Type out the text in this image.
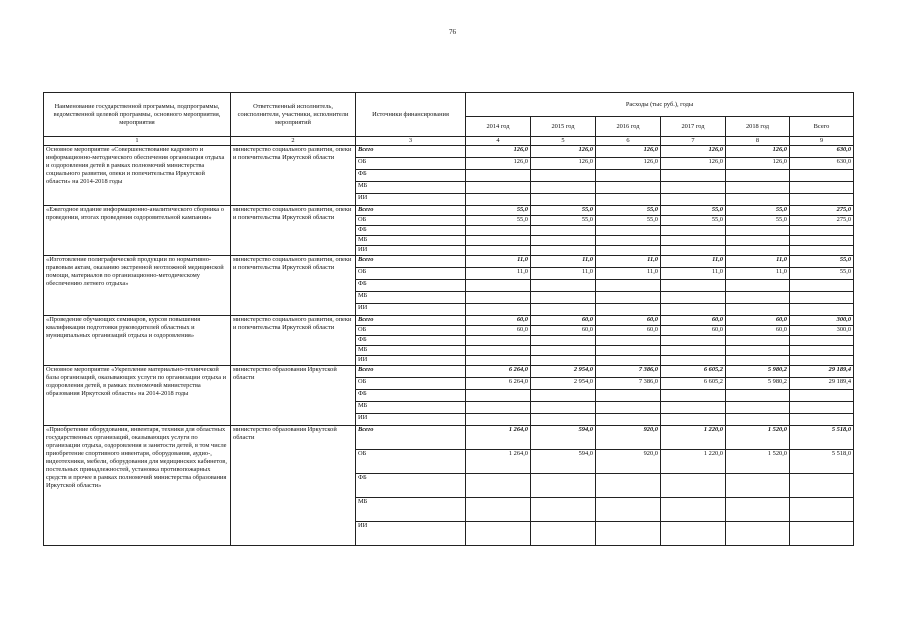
76
Наименование государственной программы, подпрограммы, ведомственной целевой программы, основного мероприятия, мероприятия	Ответственный исполнитель, соисполнители, участники, исполнители мероприятий	Источники финансирования	Расходы (тыс руб.), годы					
			2014 год	2015 год	2016 год	2017 год	2018 год	Всего
1	2	3	4	5	6	7	8	9
Основное мероприятие «Совершенствование кадрового и информационно-методического обеспечения организация отдыха и оздоровления детей в рамках полномочий министерства социального развития, опеки и попечительства Иркутской области» на 2014-2018 годы	министерство социального развития, опеки и попечительства Иркутской области	Всего	126,0	126,0	126,0	126,0	126,0	630,0
		ОБ	126,0	126,0	126,0	126,0	126,0	630,0
		ФБ						
		МБ						
		ИИ						
«Ежегодное издание информационно-аналитического сборника о проведении, итогах проведения оздоровительной кампании»	министерство социального развития, опеки и попечительства Иркутской области	Всего	55,0	55,0	55,0	55,0	55,0	275,0
		ОБ	55,0	55,0	55,0	55,0	55,0	275,0
		ФБ						
		МБ						
		ИИ						
«Изготовление полиграфической продукции по нормативно-правовым актам, оказанию экстренной неотложной медицинской помощи, материалов по организационно-методическому обеспечению летнего отдыха»	министерство социального развития, опеки и попечительства Иркутской области	Всего	11,0	11,0	11,0	11,0	11,0	55,0
		ОБ	11,0	11,0	11,0	11,0	11,0	55,0
		ФБ						
		МБ						
		ИИ						
«Проведение обучающих семинаров, курсов повышения квалификации подготовки руководителей областных и муниципальных организаций отдыха и оздоровления»	министерство социального развития, опеки и попечительства Иркутской области	Всего	60,0	60,0	60,0	60,0	60,0	300,0
		ОБ	60,0	60,0	60,0	60,0	60,0	300,0
		ФБ						
		МБ						
		ИИ						
Основное мероприятие «Укрепление материально-технической базы организаций, оказывающих услуги по организации отдыха и оздоровления детей, в рамках полномочий министерства образования Иркутской области» на 2014-2018 годы	министерство образования Иркутской области	Всего	6 264,0	2 954,0	7 386,0	6 605,2	5 980,2	29 189,4
		ОБ	6 264,0	2 954,0	7 386,0	6 605,2	5 980,2	29 189,4
		ФБ						
		МБ						
		ИИ						
«Приобретение оборудования, инвентаря, техники для областных государственных организаций, оказывающих услуги по организации отдыха, оздоровления и занятости детей, в том числе приобретение спортивного инвентаря, оборудования, аудио-, видеотехники, мебели, оборудования для медицинских кабинетов, постельных принадлежностей, установка противопожарных средств и прочее в рамках полномочий министерства образования Иркутской области»	министерство образования Иркутской области	Всего	1 264,0	594,0	920,0	1 220,0	1 520,0	5 518,0
		ОБ	1 264,0	594,0	920,0	1 220,0	1 520,0	5 518,0
		ФБ						
		МБ						
		ИИ						
